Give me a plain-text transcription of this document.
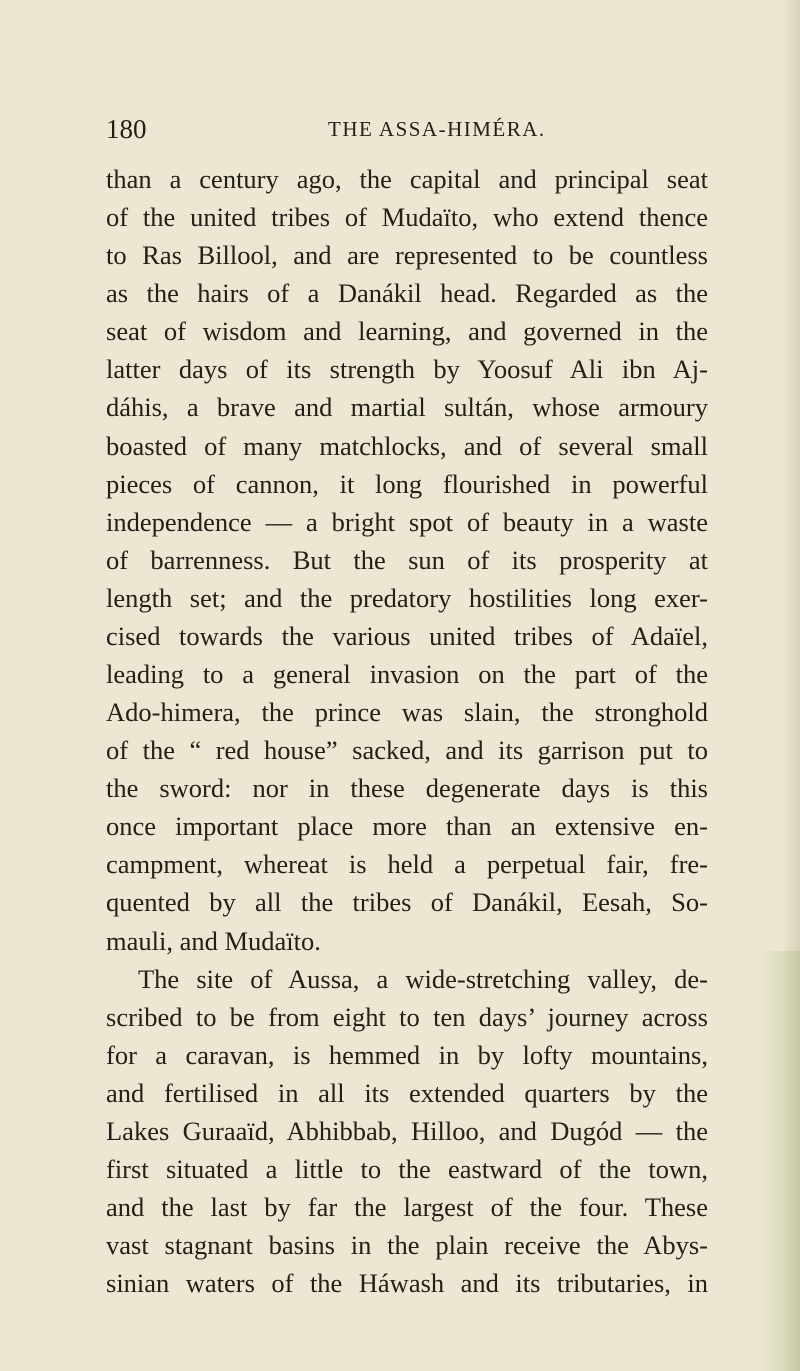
180	THE ASSA-HIMÉRA.
than a century ago, the capital and principal seat
of the united tribes of Mudaïto, who extend thence
to Ras Billool, and are represented to be countless
as the hairs of a Danákil head. Regarded as the
seat of wisdom and learning, and governed in the
latter days of its strength by Yoosuf Ali ibn Aj-
dáhis, a brave and martial sultán, whose armoury
boasted of many matchlocks, and of several small
pieces of cannon, it long flourished in powerful
independence — a bright spot of beauty in a waste
of barrenness. But the sun of its prosperity at
length set; and the predatory hostilities long exer-
cised towards the various united tribes of Adaïel,
leading to a general invasion on the part of the
Ado-himera, the prince was slain, the stronghold
of the “ red house” sacked, and its garrison put to
the sword: nor in these degenerate days is this
once important place more than an extensive en-
campment, whereat is held a perpetual fair, fre-
quented by all the tribes of Danákil, Eesah, So-
mauli, and Mudaïto.
The site of Aussa, a wide-stretching valley, de-
scribed to be from eight to ten days’ journey across
for a caravan, is hemmed in by lofty mountains,
and fertilised in all its extended quarters by the
Lakes Guraaïd, Abhibbab, Hilloo, and Dugód — the
first situated a little to the eastward of the town,
and the last by far the largest of the four. These
vast stagnant basins in the plain receive the Abys-
sinian waters of the Háwash and its tributaries, in
